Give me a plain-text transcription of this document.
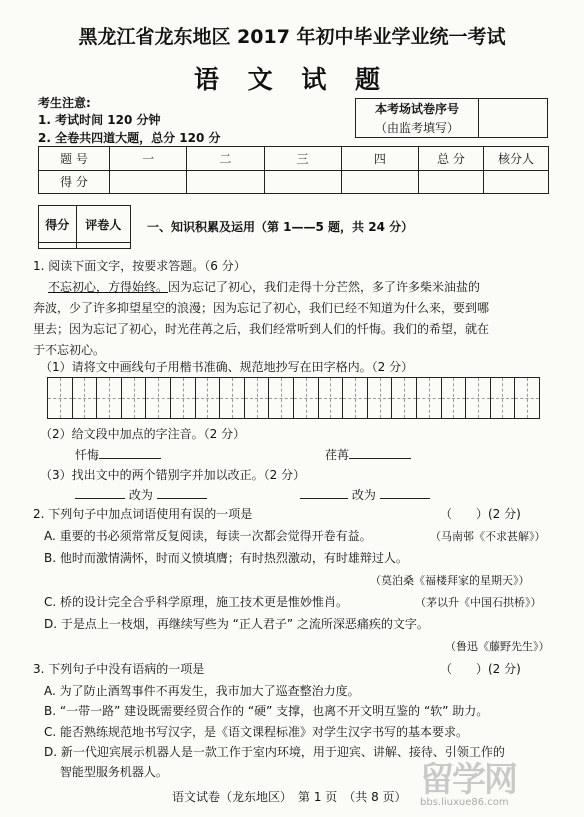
黑龙江省龙东地区 2017 年初中毕业学业统一考试
语 文 试 题
考生注意:
1. 考试时间 120 分钟
2. 全卷共四道大题，总分 120 分
本考场试卷序号	
（由监考填写）
题 号	一	二	三	四	总 分	核分人
得 分						
得分	评卷人
	一、知识积累及运用（第 1——5 题，共 24 分）
1. 阅读下面文字，按要求答题。（6 分）
不忘初心，方得始终。因为忘记了初心，我们走得十分芒然，多了许多柴米油盐的
奔波，少了许多抑望星空的浪漫；因为忘记了初心，我们已经不知道为什么来，要到哪
里去；因为忘记了初心，时光荏苒之后，我们经常听到人们的忏悔。我们的希望，就在
于不忘初心。
（1）请将文中画线句子用楷书准确、规范地抄写在田字格内。（2 分）
（2）给文段中加点的字注音。（2 分）
忏悔	荏苒
（3）找出文中的两个错别字并加以改正。（2 分）
改为	改为
2. 下列句子中加点词语使用有误的一项是	（　　）(2 分)
A. 重要的书必须常常反复阅读，每读一次都会觉得开卷有益。	（马南邨《不求甚解》）
B. 他时而激情满怀，时而义愤填膺；有时热烈激动，有时雄辩过人。
（莫泊桑《福楼拜家的星期天》）
C. 桥的设计完全合乎科学原理，施工技术更是惟妙惟肖。	（茅以升《中国石拱桥》）
D. 于是点上一枝烟，再继续写些为 “正人君子” 之流所深恶痛疾的文字。
（鲁迅《藤野先生》）
3. 下列句子中没有语病的一项是	（　　）(2 分)
A. 为了防止酒驾事件不再发生，我市加大了巡查整治力度。
B. “一带一路” 建设既需要经贸合作的 “硬” 支撑，也离不开文明互鉴的 “软” 助力。
C. 能否熟练规范地书写汉字，是《语文课程标准》对学生汉字书写的基本要求。
D. 新一代迎宾展示机器人是一款工作于室内环境，用于迎宾、讲解、接待、引领工作的
　 智能型服务机器人。
语文试卷（龙东地区）　第 1 页　（共 8 页） 留学网
bbs.liuxue86.com
